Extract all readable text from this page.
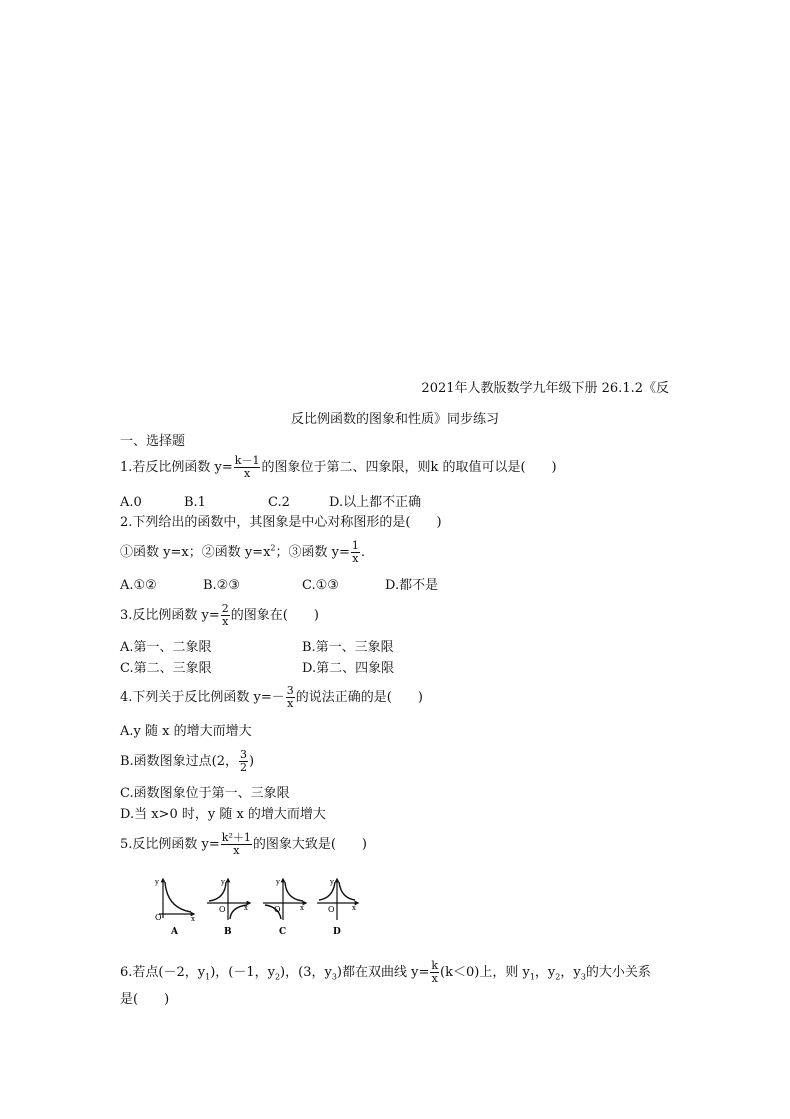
2021年人教版数学九年级下册 26.1.2《反
反比例函数的图象和性质》同步练习
一、选择题
1.若反比例函数 $y= \frac{k-1}{x}$ 的图象位于第二、四象限，则k 的取值可以是(　　)
A.0	B.1	C.2	D.以上都不正确
2.下列给出的函数中，其图象是中心对称图形的是(　　)
①函数 y=x；②函数 $y=x^2$；③函数 $y= \frac{1}{x}$ .
A.①②	B.②③	C.①③	D.都不是
3.反比例函数 $y= \frac{2}{x}$ 的图象在(　　)
A.第一、二象限	B.第一、三象限
C.第二、三象限	D.第二、四象限
4.下列关于反比例函数 $y=- \frac{3}{x}$ 的说法正确的是(　　)
A.y 随 x 的增大而增大
B.函数图象过点(2， $\frac{3}{2}$ )
C.函数图象位于第一、三象限
D.当 x>0 时，y 随 x 的增大而增大
5.反比例函数 $y= \frac{\text{k²＋1}}{x}$ 的图象大致是(　　)
y
x
O
A
y
x
O
B
y
x
O
C
y
x
O
D
6.若点(－2，$y_1$)，(－1，$y_2$)，(3，$y_3$)都在双曲线 $y= \frac{k}{x} (k<0)$上，则 $y_1$，$y_2$，$y_3$的大小关系
是(　　)
